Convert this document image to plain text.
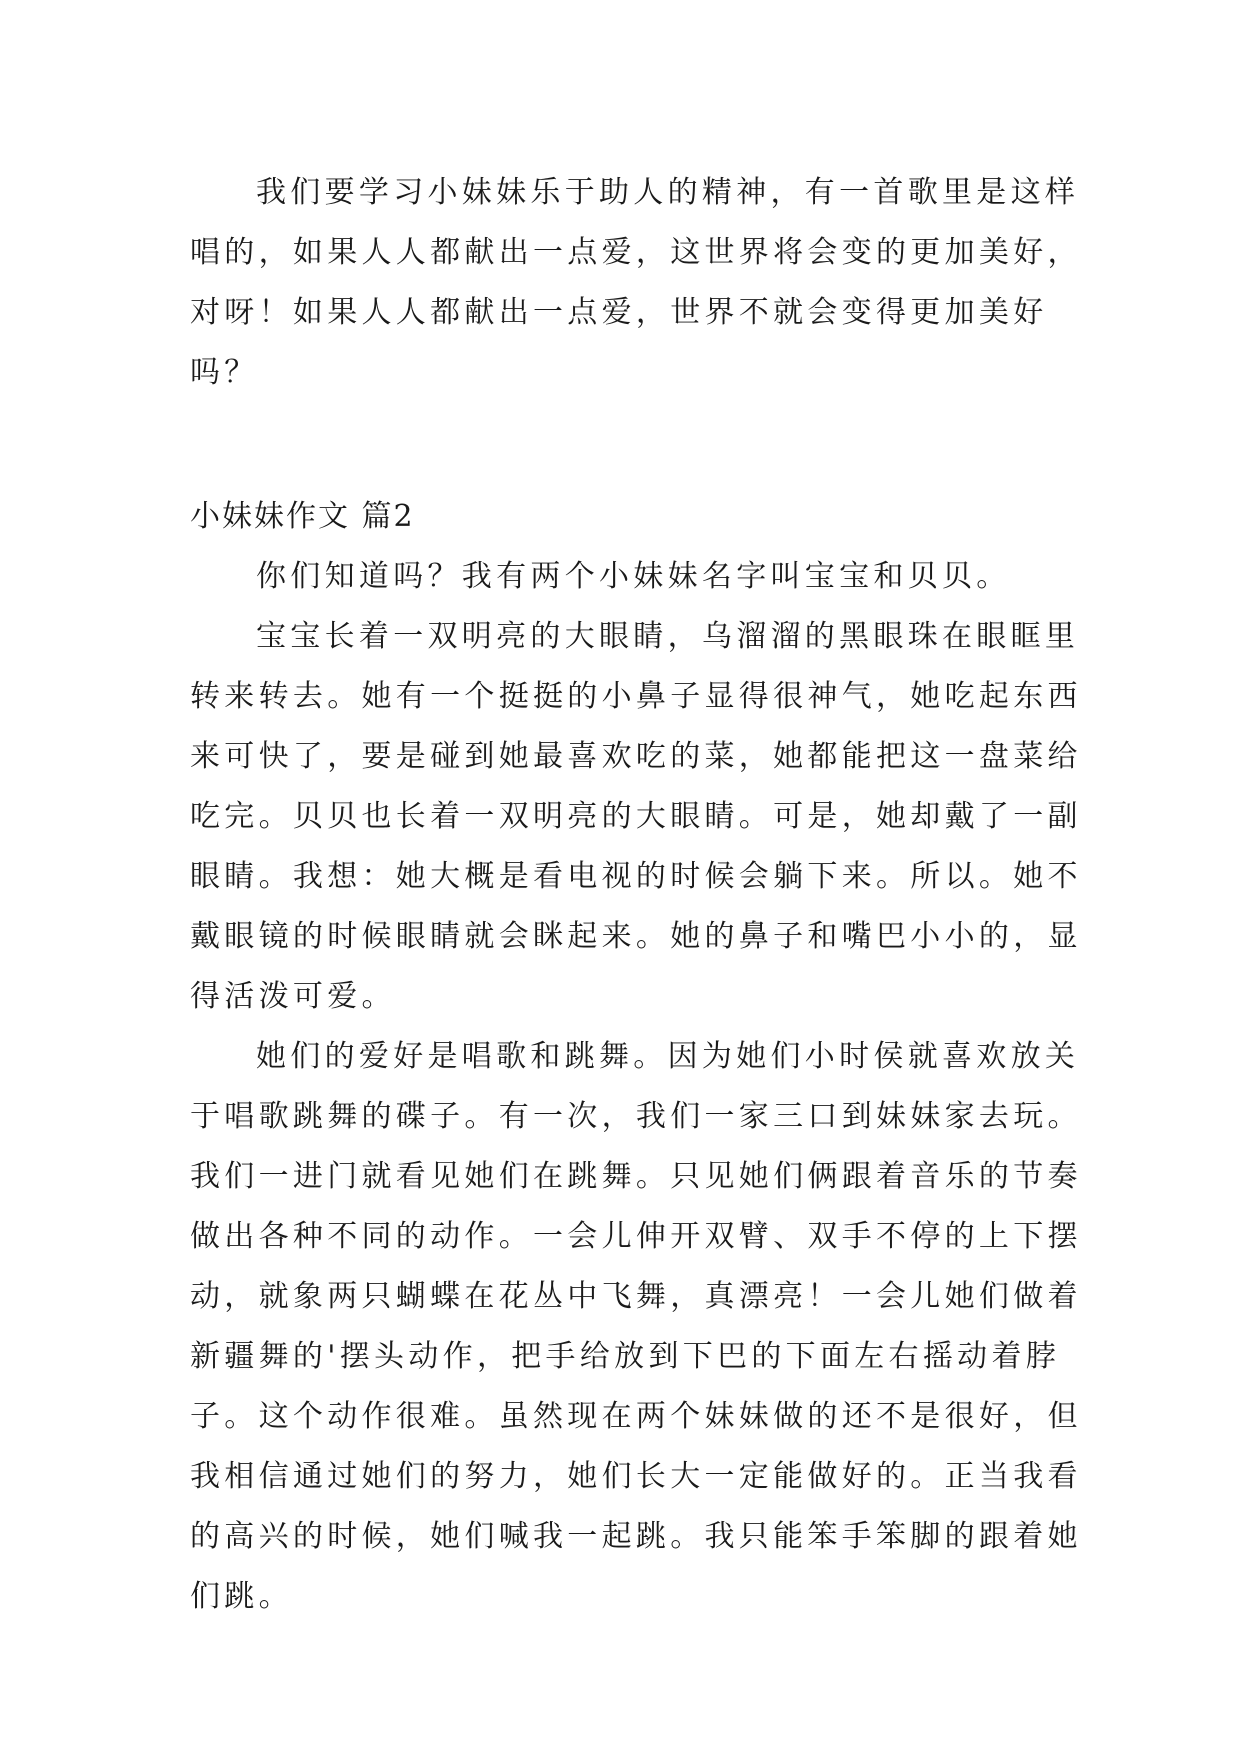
我们要学习小妹妹乐于助人的精神，有一首歌里是这样
唱的，如果人人都献出一点爱，这世界将会变的更加美好，
对呀！如果人人都献出一点爱，世界不就会变得更加美好
吗？
小妹妹作文 篇2
你们知道吗？我有两个小妹妹名字叫宝宝和贝贝。
宝宝长着一双明亮的大眼睛，乌溜溜的黑眼珠在眼眶里
转来转去。她有一个挺挺的小鼻子显得很神气，她吃起东西
来可快了，要是碰到她最喜欢吃的菜，她都能把这一盘菜给
吃完。贝贝也长着一双明亮的大眼睛。可是，她却戴了一副
眼睛。我想：她大概是看电视的时候会躺下来。所以。她不
戴眼镜的时候眼睛就会眯起来。她的鼻子和嘴巴小小的，显
得活泼可爱。
她们的爱好是唱歌和跳舞。因为她们小时侯就喜欢放关
于唱歌跳舞的碟子。有一次，我们一家三口到妹妹家去玩。
我们一进门就看见她们在跳舞。只见她们俩跟着音乐的节奏
做出各种不同的动作。一会儿伸开双臂、双手不停的上下摆
动，就象两只蝴蝶在花丛中飞舞，真漂亮！一会儿她们做着
新疆舞的'摆头动作，把手给放到下巴的下面左右摇动着脖
子。这个动作很难。虽然现在两个妹妹做的还不是很好，但
我相信通过她们的努力，她们长大一定能做好的。正当我看
的高兴的时候，她们喊我一起跳。我只能笨手笨脚的跟着她
们跳。
